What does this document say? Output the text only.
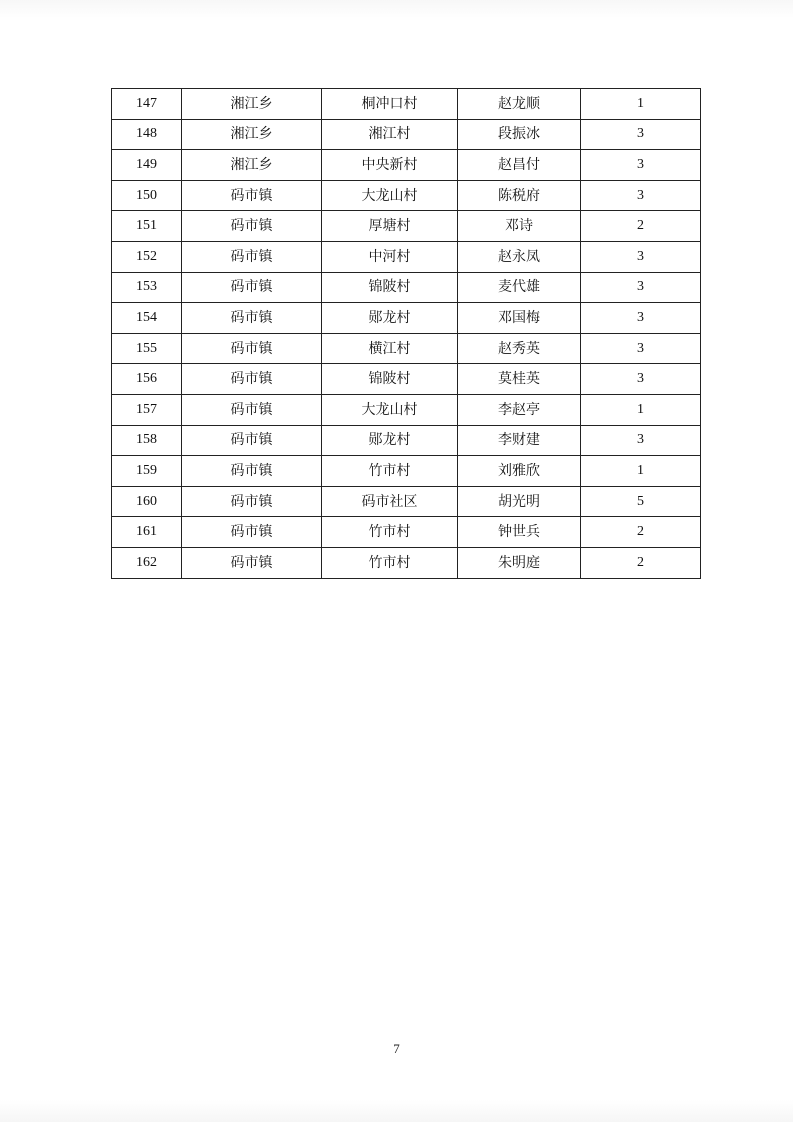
147	湘江乡	桐冲口村	赵龙顺	1
148	湘江乡	湘江村	段振冰	3
149	湘江乡	中央新村	赵昌付	3
150	码市镇	大龙山村	陈税府	3
151	码市镇	厚塘村	邓诗	2
152	码市镇	中河村	赵永凤	3
153	码市镇	锦陂村	麦代雄	3
154	码市镇	郧龙村	邓国梅	3
155	码市镇	横江村	赵秀英	3
156	码市镇	锦陂村	莫桂英	3
157	码市镇	大龙山村	李赵亭	1
158	码市镇	郧龙村	李财建	3
159	码市镇	竹市村	刘雅欣	1
160	码市镇	码市社区	胡光明	5
161	码市镇	竹市村	钟世兵	2
162	码市镇	竹市村	朱明庭	2
7
